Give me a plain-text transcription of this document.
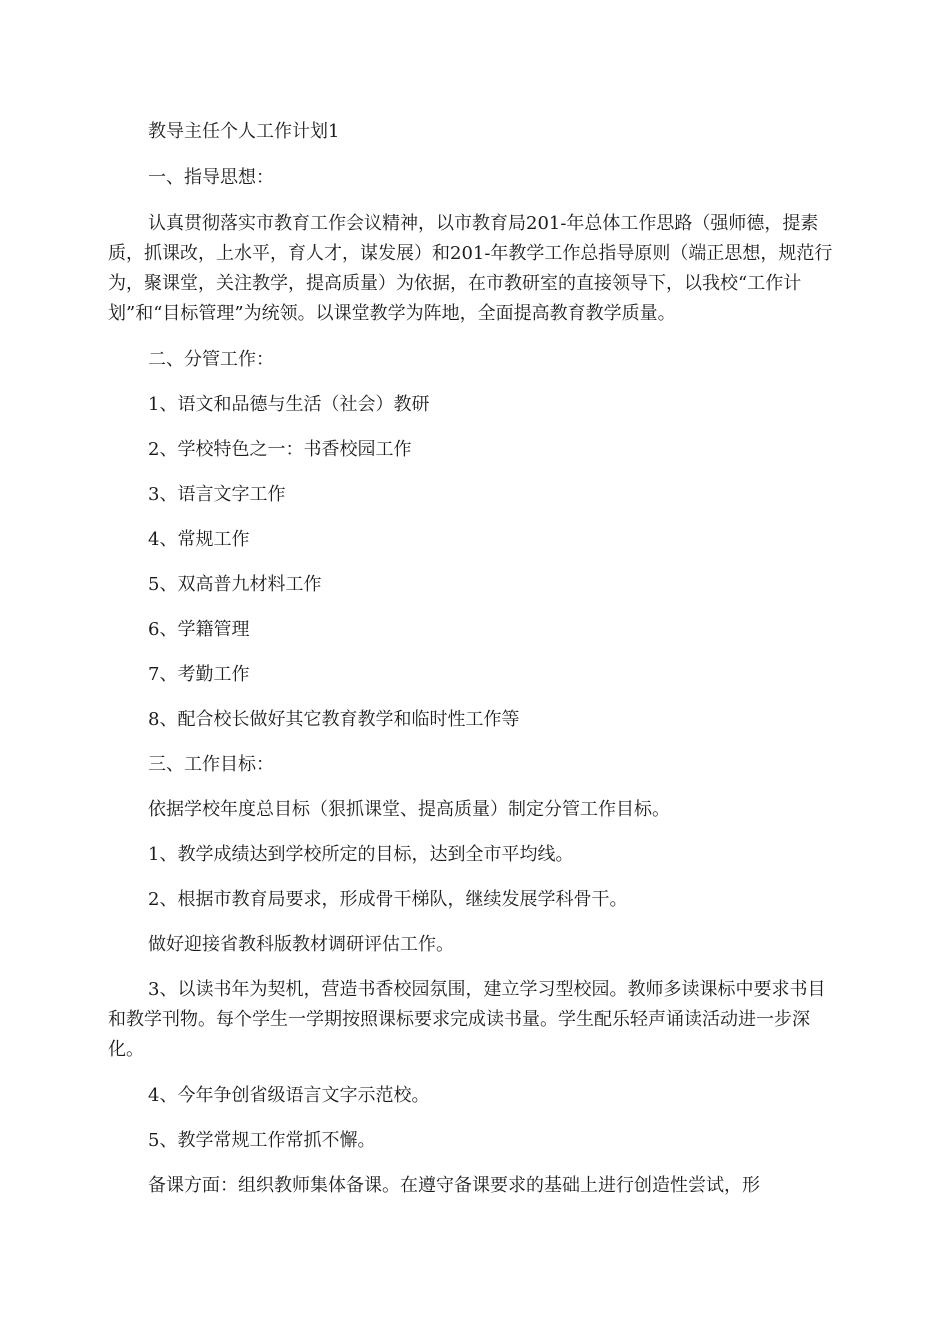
教导主任个人工作计划1

一、指导思想：

认真贯彻落实市教育工作会议精神，以市教育局201-年总体工作思路（强师德，提素质，抓课改，上水平，育人才，谋发展）和201-年教学工作总指导原则（端正思想，规范行为，聚课堂，关注教学，提高质量）为依据，在市教研室的直接领导下，以我校“工作计划”和“目标管理”为统领。以课堂教学为阵地，全面提高教育教学质量。

二、分管工作：

1、语文和品德与生活（社会）教研

2、学校特色之一：书香校园工作

3、语言文字工作

4、常规工作

5、双高普九材料工作

6、学籍管理

7、考勤工作

8、配合校长做好其它教育教学和临时性工作等

三、工作目标：

依据学校年度总目标（狠抓课堂、提高质量）制定分管工作目标。

1、教学成绩达到学校所定的目标，达到全市平均线。

2、根据市教育局要求，形成骨干梯队，继续发展学科骨干。

做好迎接省教科版教材调研评估工作。

3、以读书年为契机，营造书香校园氛围，建立学习型校园。教师多读课标中要求书目和教学刊物。每个学生一学期按照课标要求完成读书量。学生配乐轻声诵读活动进一步深化。

4、今年争创省级语言文字示范校。

5、教学常规工作常抓不懈。

备课方面：组织教师集体备课。在遵守备课要求的基础上进行创造性尝试，形
